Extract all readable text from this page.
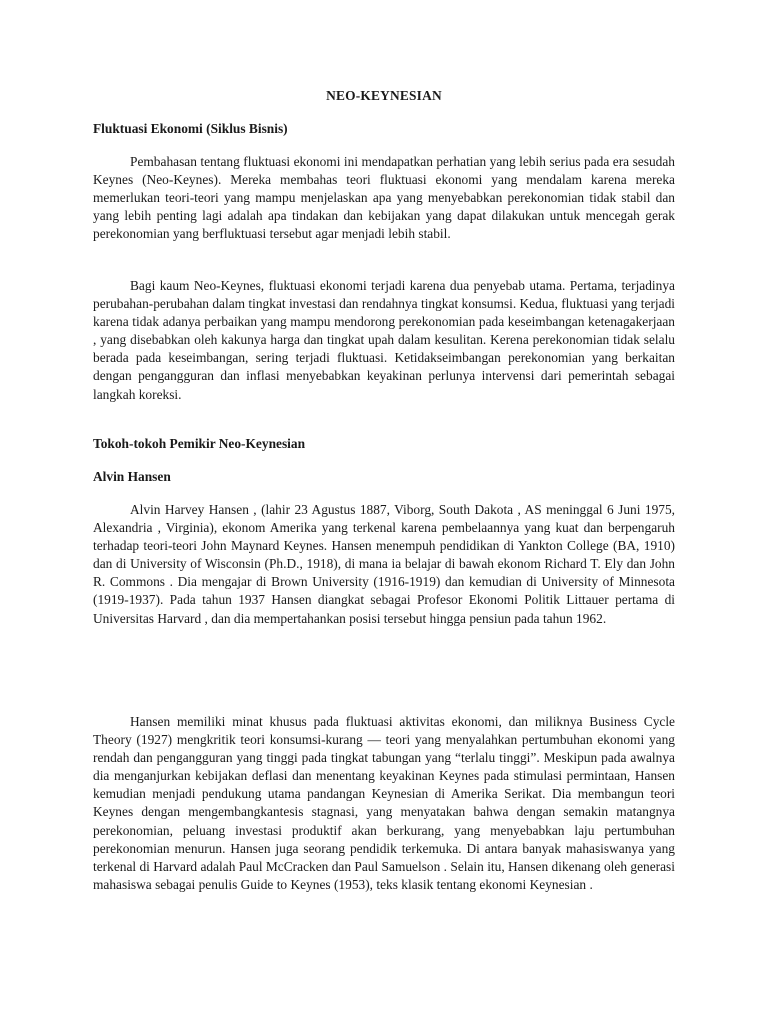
NEO-KEYNESIAN
Fluktuasi Ekonomi (Siklus Bisnis)

Pembahasan tentang fluktuasi ekonomi ini mendapatkan perhatian yang lebih serius pada era sesudah Keynes (Neo-Keynes). Mereka membahas teori fluktuasi ekonomi yang mendalam karena mereka memerlukan teori-teori yang mampu menjelaskan apa yang menyebabkan perekonomian tidak stabil dan yang lebih penting lagi adalah apa tindakan dan kebijakan yang dapat dilakukan untuk mencegah gerak perekonomian yang berfluktuasi tersebut agar menjadi lebih stabil.

Bagi kaum Neo-Keynes, fluktuasi ekonomi terjadi karena dua penyebab utama. Pertama, terjadinya perubahan-perubahan dalam tingkat investasi dan rendahnya tingkat konsumsi. Kedua, fluktuasi yang terjadi karena tidak adanya perbaikan yang mampu mendorong perekonomian pada keseimbangan ketenagakerjaan , yang disebabkan oleh kakunya harga dan tingkat upah dalam kesulitan. Kerena perekonomian tidak selalu berada pada keseimbangan, sering terjadi fluktuasi. Ketidakseimbangan perekonomian yang berkaitan dengan pengangguran dan inflasi menyebabkan keyakinan perlunya intervensi dari pemerintah sebagai langkah koreksi.

Tokoh-tokoh Pemikir Neo-Keynesian
Alvin Hansen

Alvin Harvey Hansen , (lahir 23 Agustus 1887, Viborg, South Dakota , AS meninggal 6 Juni 1975, Alexandria , Virginia), ekonom Amerika yang terkenal karena pembelaannya yang kuat dan berpengaruh terhadap teori-teori John Maynard Keynes. Hansen menempuh pendidikan di Yankton College (BA, 1910) dan di University of Wisconsin (Ph.D., 1918), di mana ia belajar di bawah ekonom Richard T. Ely dan John R. Commons . Dia mengajar di Brown University (1916-1919) dan kemudian di University of Minnesota (1919-1937). Pada tahun 1937 Hansen diangkat sebagai Profesor Ekonomi Politik Littauer pertama di Universitas Harvard , dan dia mempertahankan posisi tersebut hingga pensiun pada tahun 1962.

Hansen memiliki minat khusus pada fluktuasi aktivitas ekonomi, dan miliknya Business Cycle Theory (1927) mengkritik teori konsumsi-kurang — teori yang menyalahkan pertumbuhan ekonomi yang rendah dan pengangguran yang tinggi pada tingkat tabungan yang “terlalu tinggi”. Meskipun pada awalnya dia menganjurkan kebijakan deflasi dan menentang keyakinan Keynes pada stimulasi permintaan, Hansen kemudian menjadi pendukung utama pandangan Keynesian di Amerika Serikat. Dia membangun teori Keynes dengan mengembangkantesis stagnasi, yang menyatakan bahwa dengan semakin matangnya perekonomian, peluang investasi produktif akan berkurang, yang menyebabkan laju pertumbuhan perekonomian menurun. Hansen juga seorang pendidik terkemuka. Di antara banyak mahasiswanya yang terkenal di Harvard adalah Paul McCracken dan Paul Samuelson . Selain itu, Hansen dikenang oleh generasi mahasiswa sebagai penulis Guide to Keynes (1953), teks klasik tentang ekonomi Keynesian .
